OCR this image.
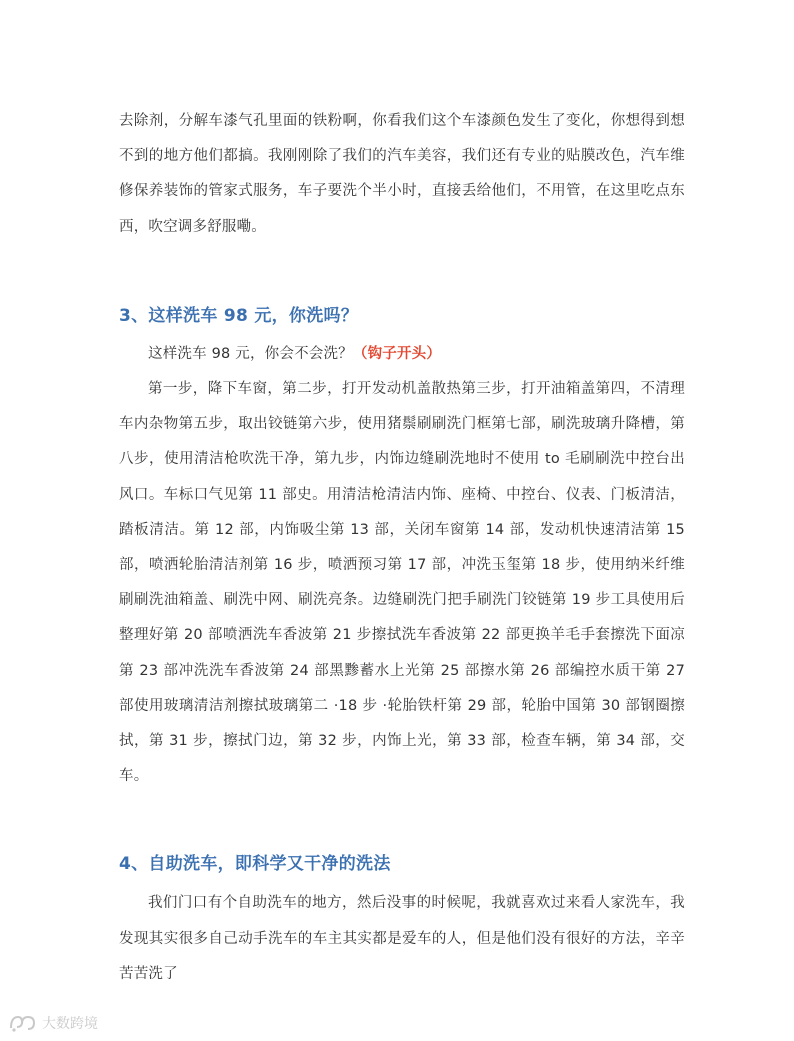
去除剂，分解车漆气孔里面的铁粉啊，你看我们这个车漆颜色发生了变化，你想得到想不到的地方他们都搞。我刚刚除了我们的汽车美容，我们还有专业的贴膜改色，汽车维修保养装饰的管家式服务，车子要洗个半小时，直接丢给他们，不用管，在这里吃点东西，吹空调多舒服嘞。

3、这样洗车 98 元，你洗吗？

这样洗车 98 元，你会不会洗？（钩子开头）

第一步，降下车窗，第二步，打开发动机盖散热第三步，打开油箱盖第四，不清理车内杂物第五步，取出铰链第六步，使用猪鬃刷刷洗门框第七部，刷洗玻璃升降槽，第八步，使用清洁枪吹洗干净，第九步，内饰边缝刷洗地时不使用 to 毛刷刷洗中控台出风口。车标口气见第 11 部史。用清洁枪清洁内饰、座椅、中控台、仪表、门板清洁，踏板清洁。第 12 部，内饰吸尘第 13 部，关闭车窗第 14 部，发动机快速清洁第 15 部，喷洒轮胎清洁剂第 16 步，喷洒预习第 17 部，冲洗玉玺第 18 步，使用纳米纤维刷刷洗油箱盖、刷洗中网、刷洗亮条。边缝刷洗门把手刷洗门铰链第 19 步工具使用后整理好第 20 部喷洒洗车香波第 21 步擦拭洗车香波第 22 部更换羊毛手套擦洗下面凉第 23 部冲洗洗车香波第 24 部黑黪蓄水上光第 25 部擦水第 26 部编控水质干第 27 部使用玻璃清洁剂擦拭玻璃第二 ·18 步 ·轮胎铁杆第 29 部，轮胎中国第 30 部钢圈擦拭，第 31 步，擦拭门边，第 32 步，内饰上光，第 33 部，检查车辆，第 34 部，交车。

4、自助洗车，即科学又干净的洗法

我们门口有个自助洗车的地方，然后没事的时候呢，我就喜欢过来看人家洗车，我发现其实很多自己动手洗车的车主其实都是爱车的人，但是他们没有很好的方法，辛辛苦苦洗了

大数跨境
